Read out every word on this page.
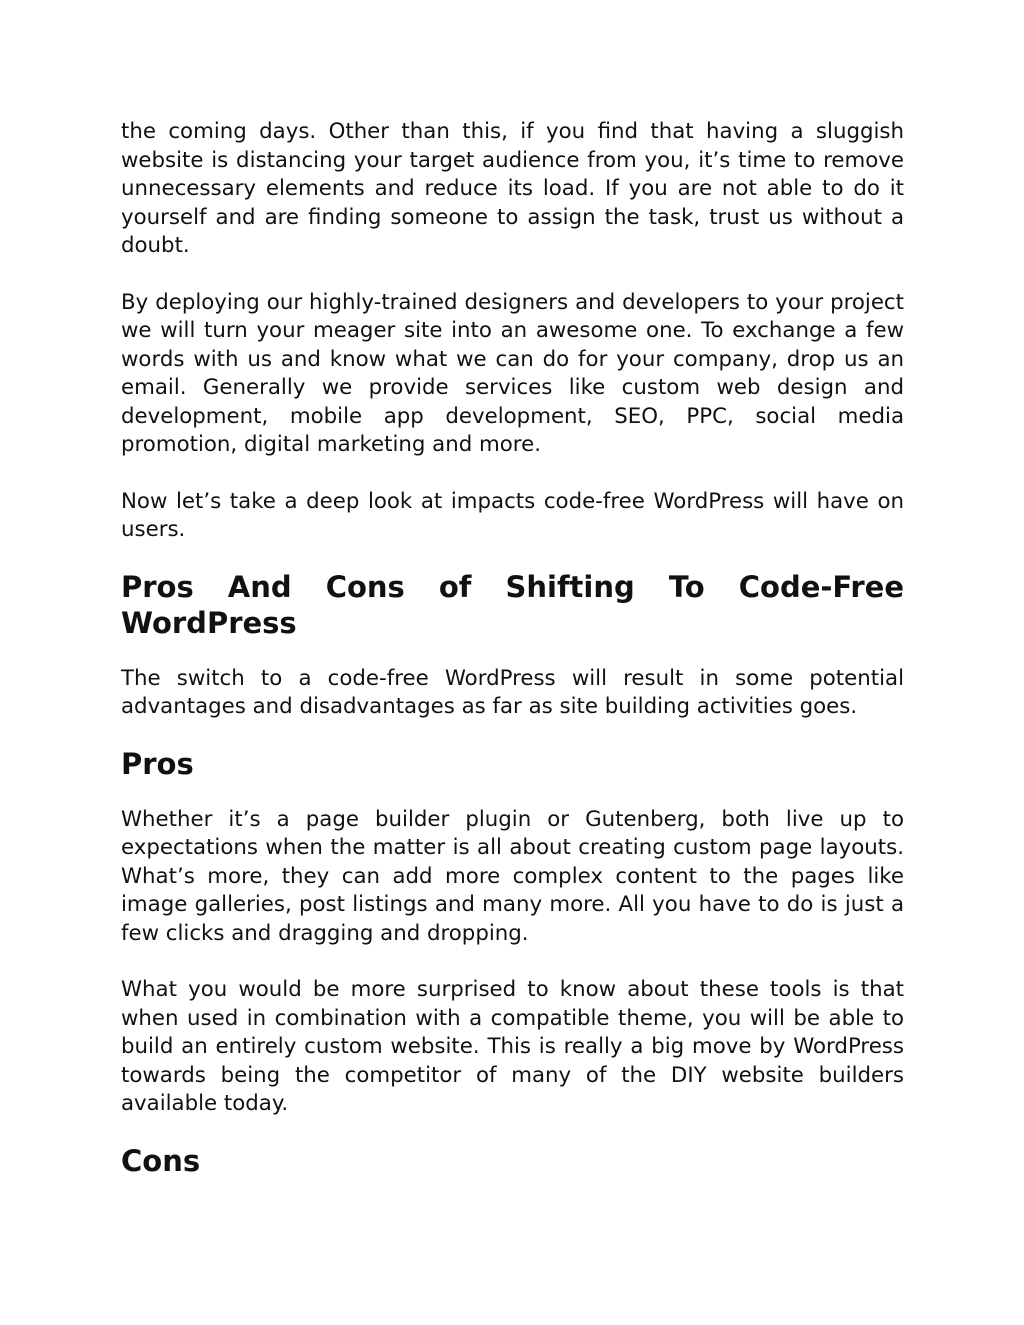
the coming days. Other than this, if you find that having a sluggish website is distancing your target audience from you, it’s time to remove unnecessary elements and reduce its load. If you are not able to do it yourself and are finding someone to assign the task, trust us without a doubt.

By deploying our highly-trained designers and developers to your project we will turn your meager site into an awesome one. To exchange a few words with us and know what we can do for your company, drop us an email. Generally we provide services like custom web design and development, mobile app development, SEO, PPC, social media promotion, digital marketing and more.

Now let’s take a deep look at impacts code-free WordPress will have on users.

Pros And Cons of Shifting To Code-Free WordPress

The switch to a code-free WordPress will result in some potential advantages and disadvantages as far as site building activities goes.

Pros

Whether it’s a page builder plugin or Gutenberg, both live up to expectations when the matter is all about creating custom page layouts. What’s more, they can add more complex content to the pages like image galleries, post listings and many more. All you have to do is just a few clicks and dragging and dropping.

What you would be more surprised to know about these tools is that when used in combination with a compatible theme, you will be able to build an entirely custom website. This is really a big move by WordPress towards being the competitor of many of the DIY website builders available today.

Cons
